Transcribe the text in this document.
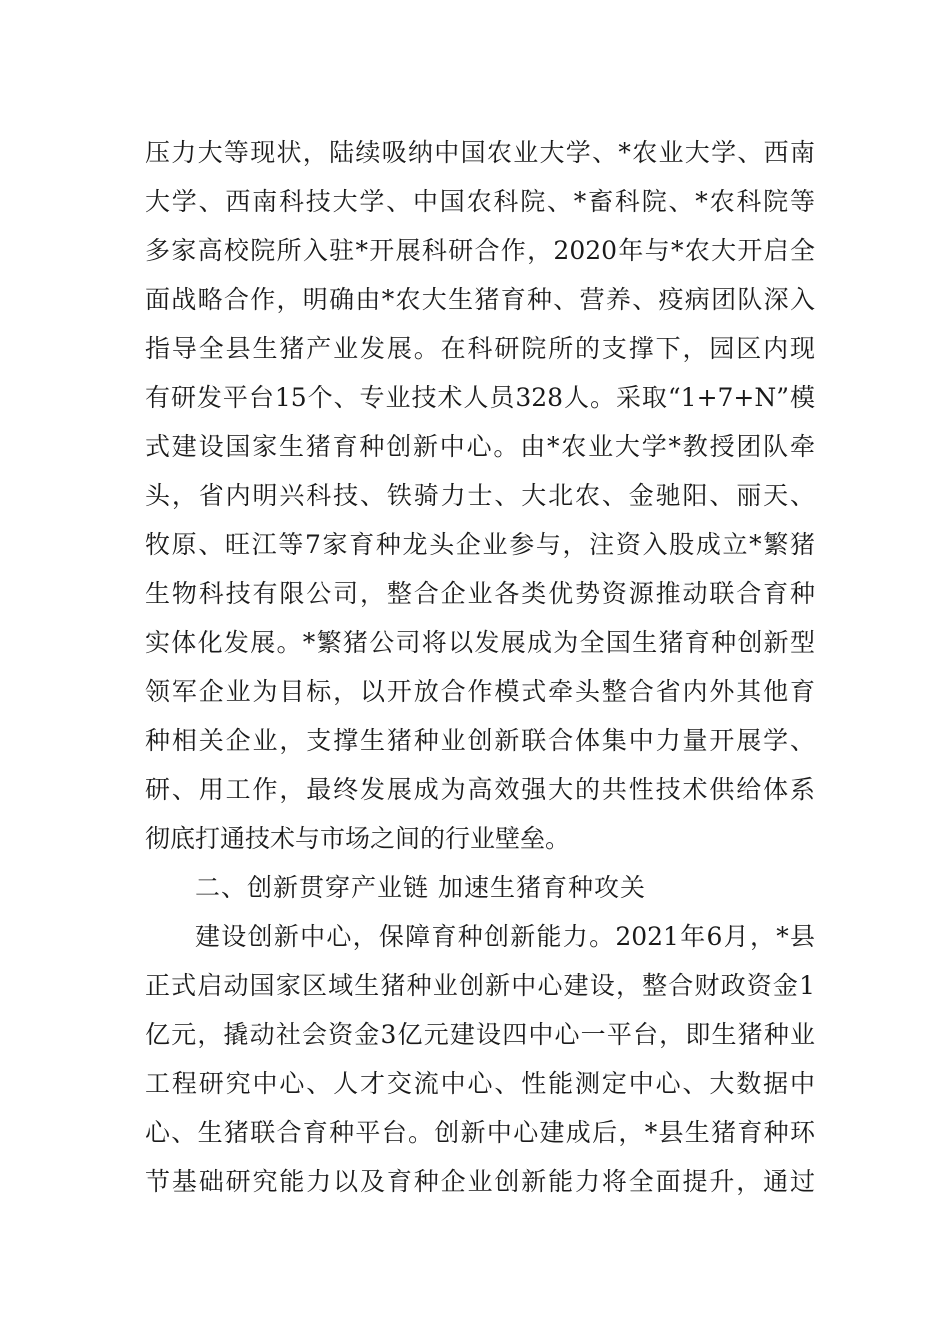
压力大等现状，陆续吸纳中国农业大学、*农业大学、西南
大学、西南科技大学、中国农科院、*畜科院、*农科院等
多家高校院所入驻*开展科研合作，2020年与*农大开启全
面战略合作，明确由*农大生猪育种、营养、疫病团队深入
指导全县生猪产业发展。在科研院所的支撑下，园区内现
有研发平台15个、专业技术人员328人。采取“1+7+N”模
式建设国家生猪育种创新中心。由*农业大学*教授团队牵
头，省内明兴科技、铁骑力士、大北农、金驰阳、丽天、
牧原、旺江等7家育种龙头企业参与，注资入股成立*繁猪
生物科技有限公司，整合企业各类优势资源推动联合育种
实体化发展。*繁猪公司将以发展成为全国生猪育种创新型
领军企业为目标，以开放合作模式牵头整合省内外其他育
种相关企业，支撑生猪种业创新联合体集中力量开展学、
研、用工作，最终发展成为高效强大的共性技术供给体系
彻底打通技术与市场之间的行业壁垒。
二、创新贯穿产业链 加速生猪育种攻关
建设创新中心，保障育种创新能力。2021年6月，*县
正式启动国家区域生猪种业创新中心建设，整合财政资金1
亿元，撬动社会资金3亿元建设四中心一平台，即生猪种业
工程研究中心、人才交流中心、性能测定中心、大数据中
心、生猪联合育种平台。创新中心建成后，*县生猪育种环
节基础研究能力以及育种企业创新能力将全面提升，通过
